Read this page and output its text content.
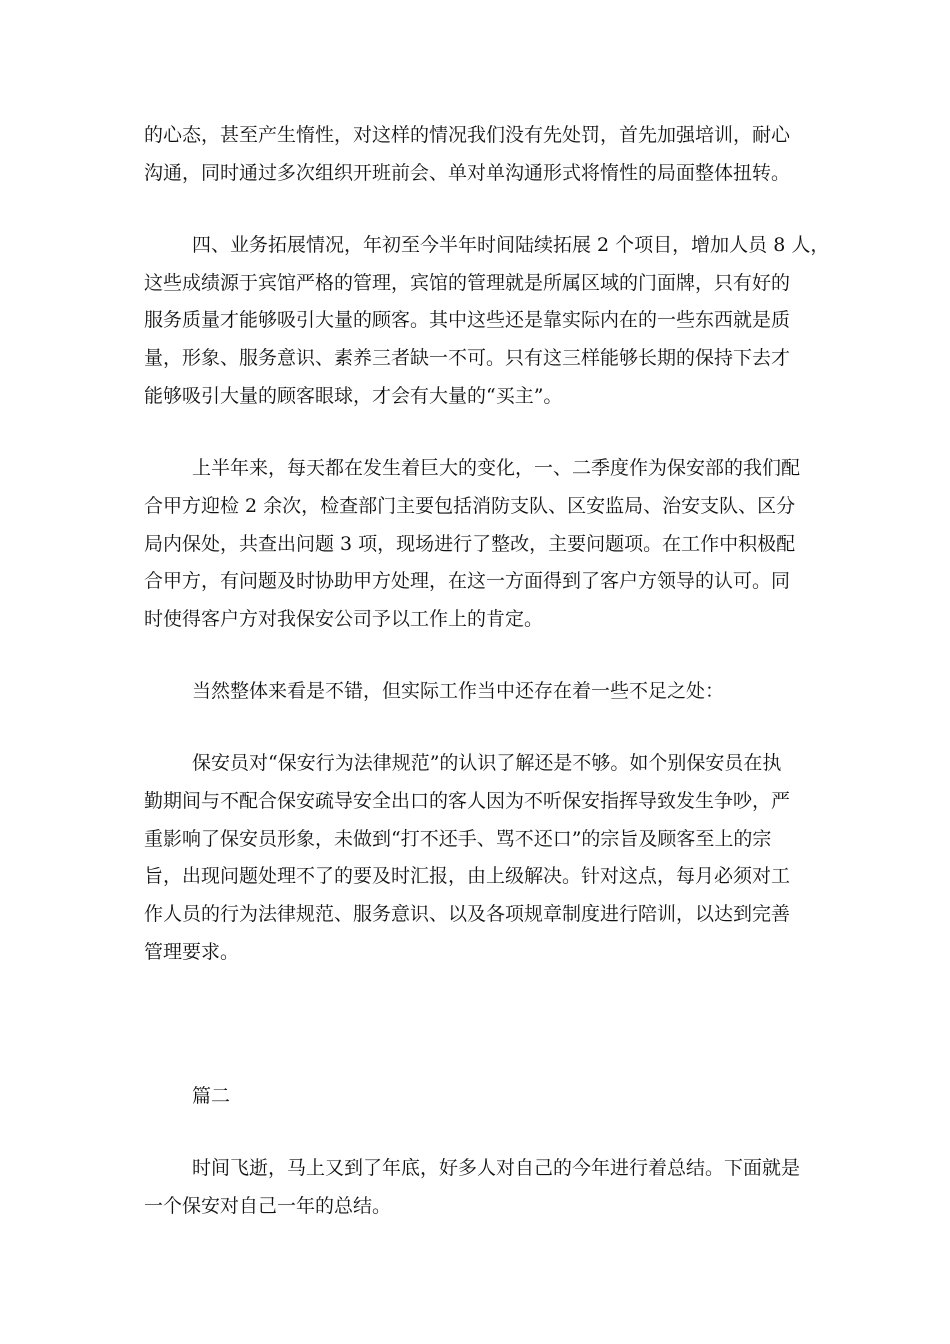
的心态，甚至产生惰性，对这样的情况我们没有先处罚，首先加强培训，耐心
沟通，同时通过多次组织开班前会、单对单沟通形式将惰性的局面整体扭转。
四、业务拓展情况，年初至今半年时间陆续拓展 2 个项目，增加人员 8 人，
这些成绩源于宾馆严格的管理，宾馆的管理就是所属区域的门面牌，只有好的
服务质量才能够吸引大量的顾客。其中这些还是靠实际内在的一些东西就是质
量，形象、服务意识、素养三者缺一不可。只有这三样能够长期的保持下去才
能够吸引大量的顾客眼球，才会有大量的“买主”。
上半年来，每天都在发生着巨大的变化，一、二季度作为保安部的我们配
合甲方迎检 2 余次，检查部门主要包括消防支队、区安监局、治安支队、区分
局内保处，共查出问题 3 项，现场进行了整改，主要问题项。在工作中积极配
合甲方，有问题及时协助甲方处理，在这一方面得到了客户方领导的认可。同
时使得客户方对我保安公司予以工作上的肯定。
当然整体来看是不错，但实际工作当中还存在着一些不足之处：
保安员对“保安行为法律规范”的认识了解还是不够。如个别保安员在执
勤期间与不配合保安疏导安全出口的客人因为不听保安指挥导致发生争吵，严
重影响了保安员形象，未做到“打不还手、骂不还口”的宗旨及顾客至上的宗
旨，出现问题处理不了的要及时汇报，由上级解决。针对这点，每月必须对工
作人员的行为法律规范、服务意识、以及各项规章制度进行陪训，以达到完善
管理要求。
篇二
时间飞逝，马上又到了年底，好多人对自己的今年进行着总结。下面就是
一个保安对自己一年的总结。
